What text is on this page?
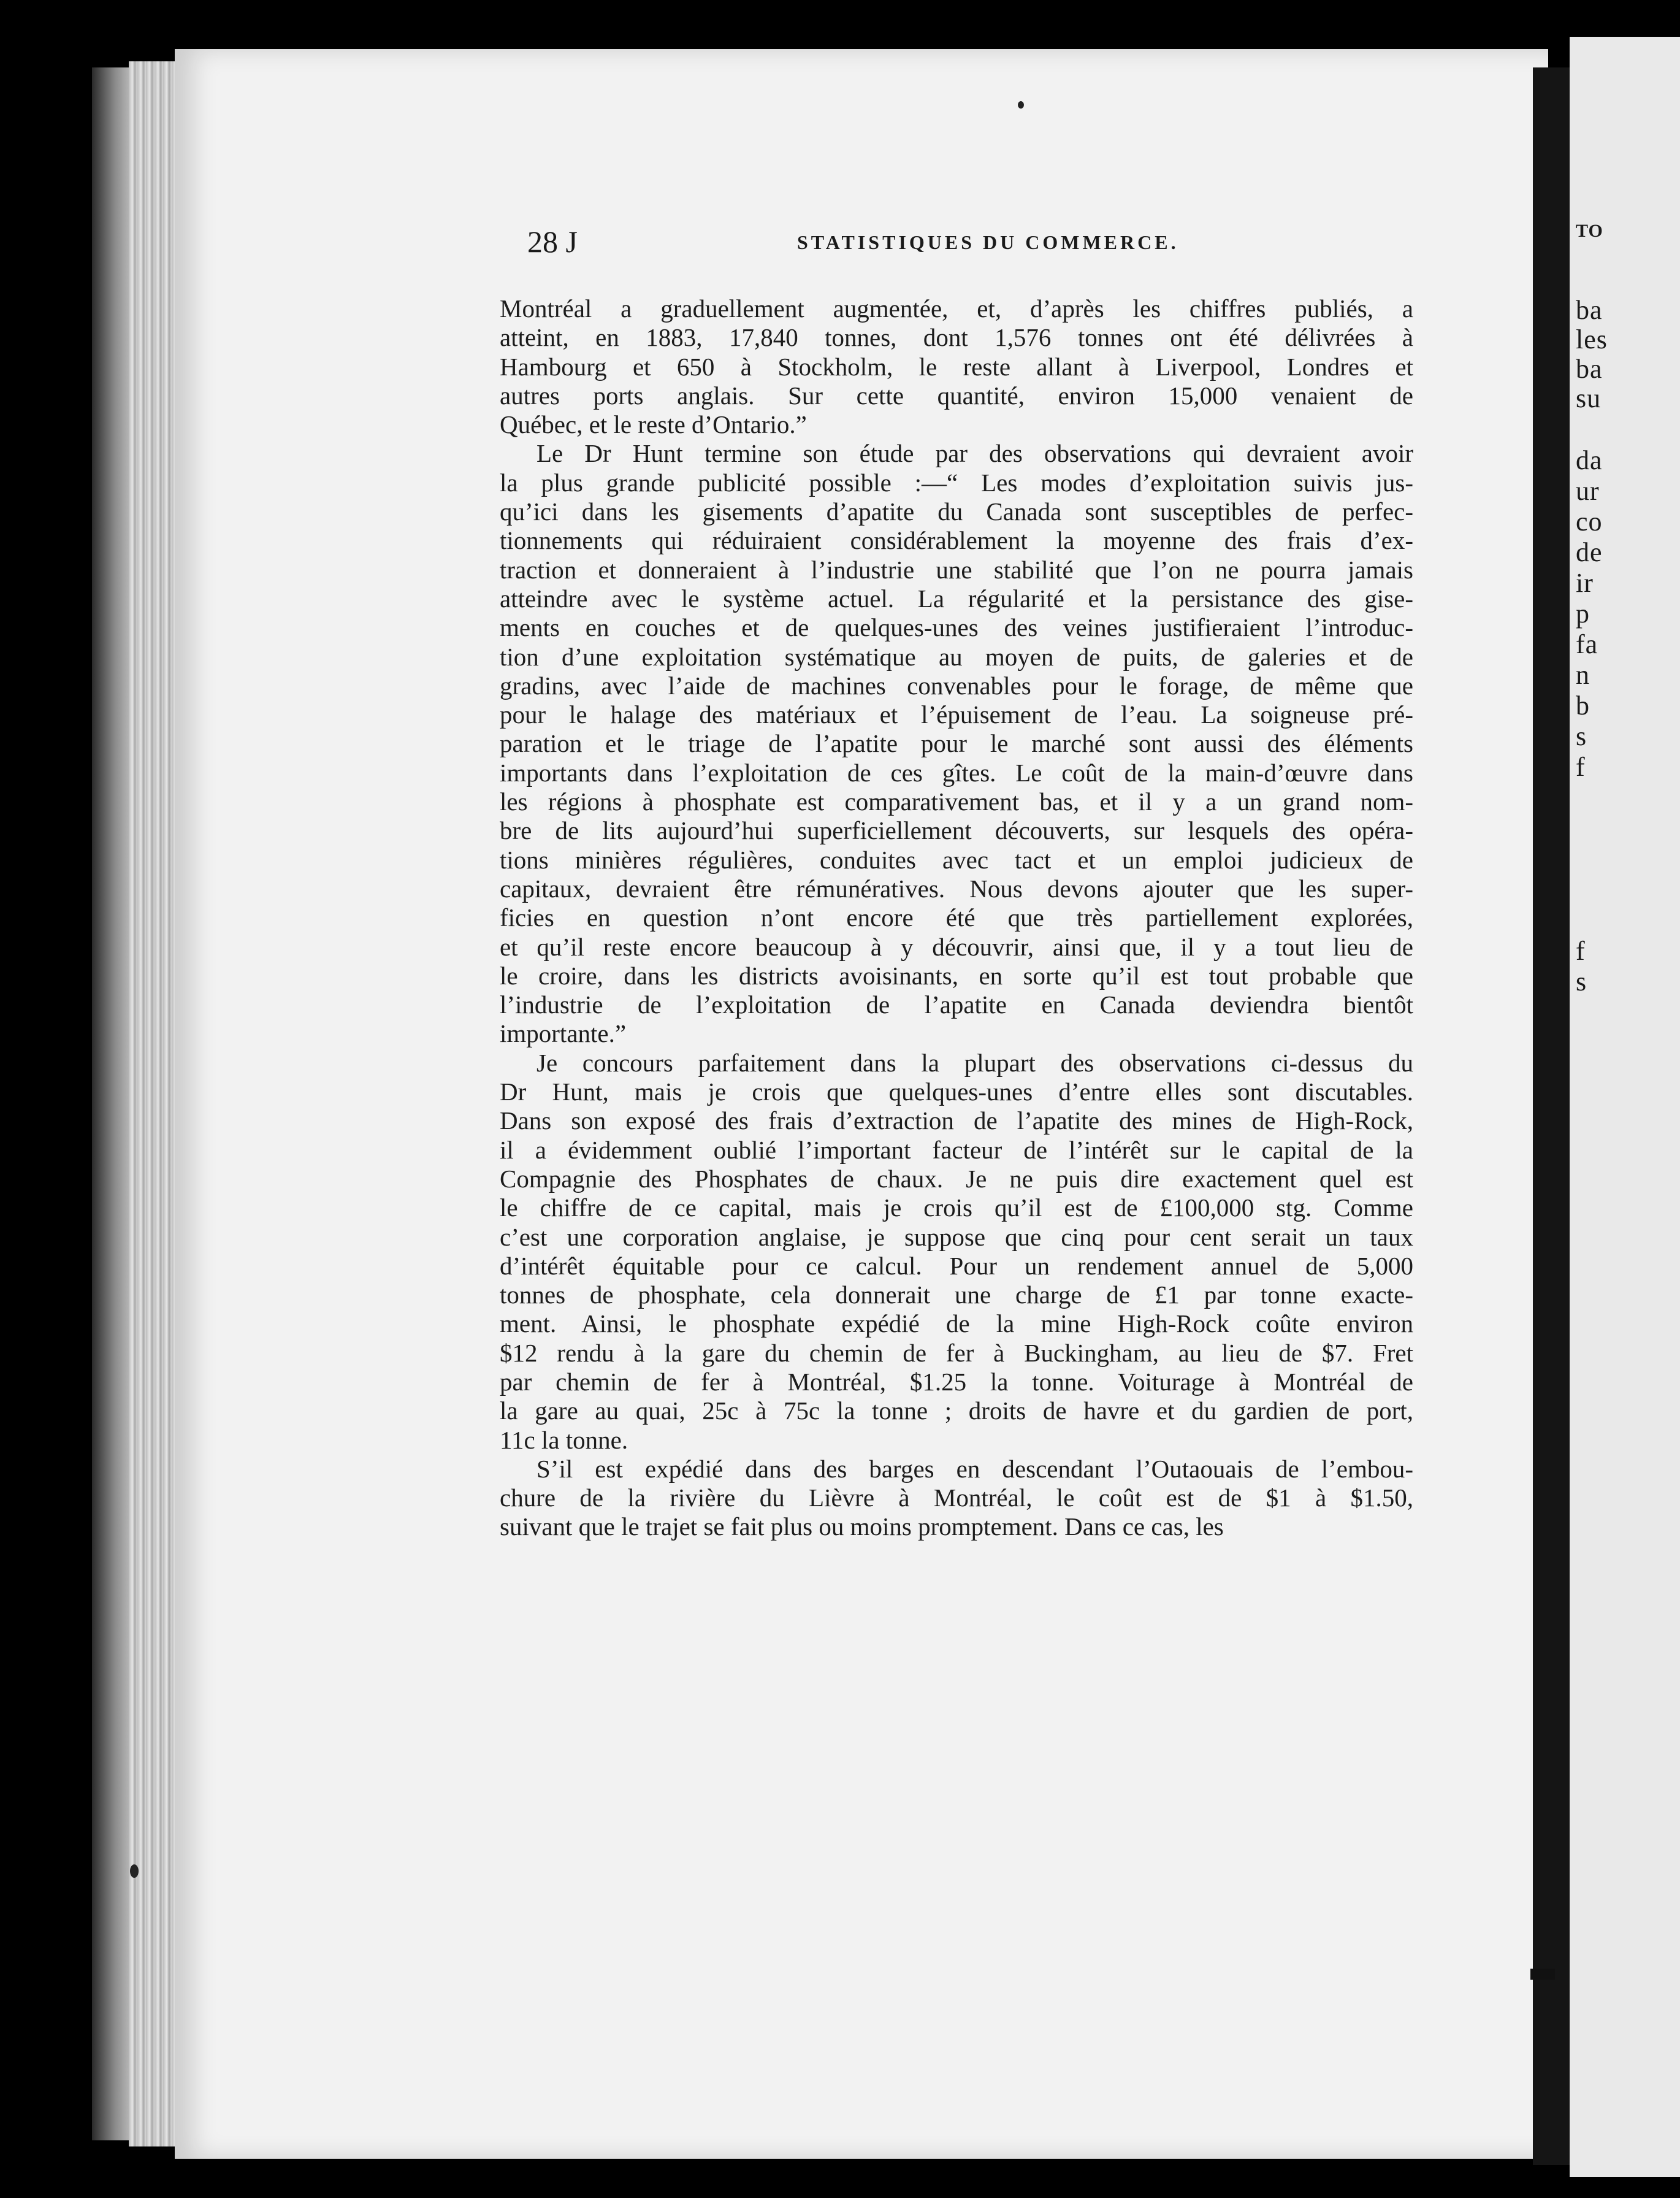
TO
ba
les
ba
su
da
ur
co
de
ir
p
fa
n
b
s
f
f
s
28 J	STATISTIQUES DU COMMERCE.
Montréal a graduellement augmentée, et, d’après les chiffres publiés, a
atteint, en 1883, 17,840 tonnes, dont 1,576 tonnes ont été délivrées à
Hambourg et 650 à Stockholm, le reste allant à Liverpool, Londres et
autres ports anglais. Sur cette quantité, environ 15,000 venaient de
Québec, et le reste d’Ontario.”
Le Dr Hunt termine son étude par des observations qui devraient avoir
la plus grande publicité possible :—“ Les modes d’exploitation suivis jus-
qu’ici dans les gisements d’apatite du Canada sont susceptibles de perfec-
tionnements qui réduiraient considérablement la moyenne des frais d’ex-
traction et donneraient à l’industrie une stabilité que l’on ne pourra jamais
atteindre avec le système actuel. La régularité et la persistance des gise-
ments en couches et de quelques-unes des veines justifieraient l’introduc-
tion d’une exploitation systématique au moyen de puits, de galeries et de
gradins, avec l’aide de machines convenables pour le forage, de même que
pour le halage des matériaux et l’épuisement de l’eau. La soigneuse pré-
paration et le triage de l’apatite pour le marché sont aussi des éléments
importants dans l’exploitation de ces gîtes. Le coût de la main-d’œuvre dans
les régions à phosphate est comparativement bas, et il y a un grand nom-
bre de lits aujourd’hui superficiellement découverts, sur lesquels des opéra-
tions minières régulières, conduites avec tact et un emploi judicieux de
capitaux, devraient être rémunératives. Nous devons ajouter que les super-
ficies en question n’ont encore été que très partiellement explorées,
et qu’il reste encore beaucoup à y découvrir, ainsi que, il y a tout lieu de
le croire, dans les districts avoisinants, en sorte qu’il est tout probable que
l’industrie de l’exploitation de l’apatite en Canada deviendra bientôt
importante.”
Je concours parfaitement dans la plupart des observations ci-dessus du
Dr Hunt, mais je crois que quelques-unes d’entre elles sont discutables.
Dans son exposé des frais d’extraction de l’apatite des mines de High-Rock,
il a évidemment oublié l’important facteur de l’intérêt sur le capital de la
Compagnie des Phosphates de chaux. Je ne puis dire exactement quel est
le chiffre de ce capital, mais je crois qu’il est de £100,000 stg. Comme
c’est une corporation anglaise, je suppose que cinq pour cent serait un taux
d’intérêt équitable pour ce calcul. Pour un rendement annuel de 5,000
tonnes de phosphate, cela donnerait une charge de £1 par tonne exacte-
ment. Ainsi, le phosphate expédié de la mine High-Rock coûte environ
$12 rendu à la gare du chemin de fer à Buckingham, au lieu de $7. Fret
par chemin de fer à Montréal, $1.25 la tonne. Voiturage à Montréal de
la gare au quai, 25c à 75c la tonne ; droits de havre et du gardien de port,
11c la tonne.
S’il est expédié dans des barges en descendant l’Outaouais de l’embou-
chure de la rivière du Lièvre à Montréal, le coût est de $1 à $1.50,
suivant que le trajet se fait plus ou moins promptement. Dans ce cas, les
